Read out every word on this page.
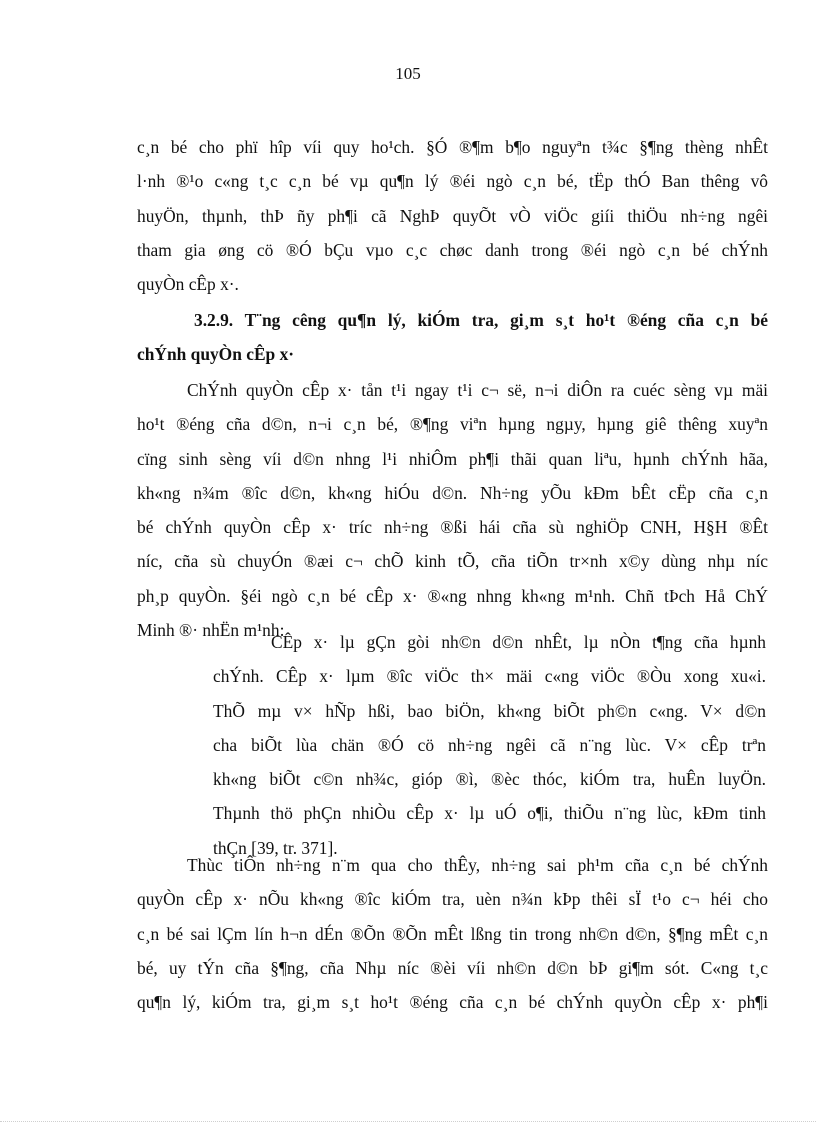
105
c¸n bé cho phï hîp víi quy ho¹ch. §Ó ®¶m b¶o nguyªn t¾c §¶ng thèng nhÊt
l·nh ®¹o c«ng t¸c c¸n bé vµ qu¶n lý ®éi ngò c¸n bé, tËp thÓ Ban thêng vô
huyÖn, thµnh, thÞ ñy ph¶i cã NghÞ quyÕt vÒ viÖc giíi thiÖu nh÷ng ngêi
tham gia øng cö ®Ó bÇu vµo c¸c chøc danh trong ®éi ngò c¸n bé chÝnh
quyÒn cÊp x·.
3.2.9. T¨ng cêng qu¶n lý, kiÓm tra, gi¸m s¸t ho¹t ®éng cña c¸n bé
chÝnh quyÒn cÊp x·
ChÝnh quyÒn cÊp x· tån t¹i ngay t¹i c¬ së, n¬i diÔn ra cuéc sèng vµ mäi
ho¹t ®éng cña d©n, n¬i c¸n bé, ®¶ng viªn hµng ngµy, hµng giê thêng xuyªn
cïng sinh sèng víi d©n nhng l¹i nhiÔm ph¶i thãi quan liªu, hµnh chÝnh hãa,
kh«ng n¾m ®îc d©n, kh«ng hiÓu d©n. Nh÷ng yÕu kÐm bÊt cËp cña c¸n
bé chÝnh quyÒn cÊp x· tríc nh÷ng ®ßi hái cña sù nghiÖp CNH, H§H ®Êt
níc, cña sù chuyÓn ®æi c¬ chÕ kinh tÕ, cña tiÕn tr×nh x©y dùng nhµ níc
ph¸p quyÒn. §éi ngò c¸n bé cÊp x· ®«ng nhng kh«ng m¹nh. Chñ tÞch Hå ChÝ
Minh ®· nhËn m¹nh:
CÊp x· lµ gÇn gòi nh©n d©n nhÊt, lµ nÒn t¶ng cña hµnh
chÝnh. CÊp x· lµm ®îc viÖc th× mäi c«ng viÖc ®Òu xong xu«i.
ThÕ mµ v× hÑp hßi, bao biÖn, kh«ng biÕt ph©n c«ng. V× d©n
cha biÕt lùa chän ®Ó cö nh÷ng ngêi cã n¨ng lùc. V× cÊp trªn
kh«ng biÕt c©n nh¾c, gióp ®ì, ®èc thóc, kiÓm tra, huÊn luyÖn.
Thµnh thö phÇn nhiÒu cÊp x· lµ uÓ o¶i, thiÕu n¨ng lùc, kÐm tinh
thÇn [39, tr. 371].
Thùc tiÔn nh÷ng n¨m qua cho thÊy, nh÷ng sai ph¹m cña c¸n bé chÝnh
quyÒn cÊp x· nÕu kh«ng ®îc kiÓm tra, uèn n¾n kÞp thêi sÏ t¹o c¬ héi cho
c¸n bé sai lÇm lín h¬n dÉn ®Õn ®Õn mÊt lßng tin trong nh©n d©n, §¶ng mÊt c¸n
bé, uy tÝn cña §¶ng, cña Nhµ níc ®èi víi nh©n d©n bÞ gi¶m sót. C«ng t¸c
qu¶n lý, kiÓm tra, gi¸m s¸t ho¹t ®éng cña c¸n bé chÝnh quyÒn cÊp x· ph¶i
